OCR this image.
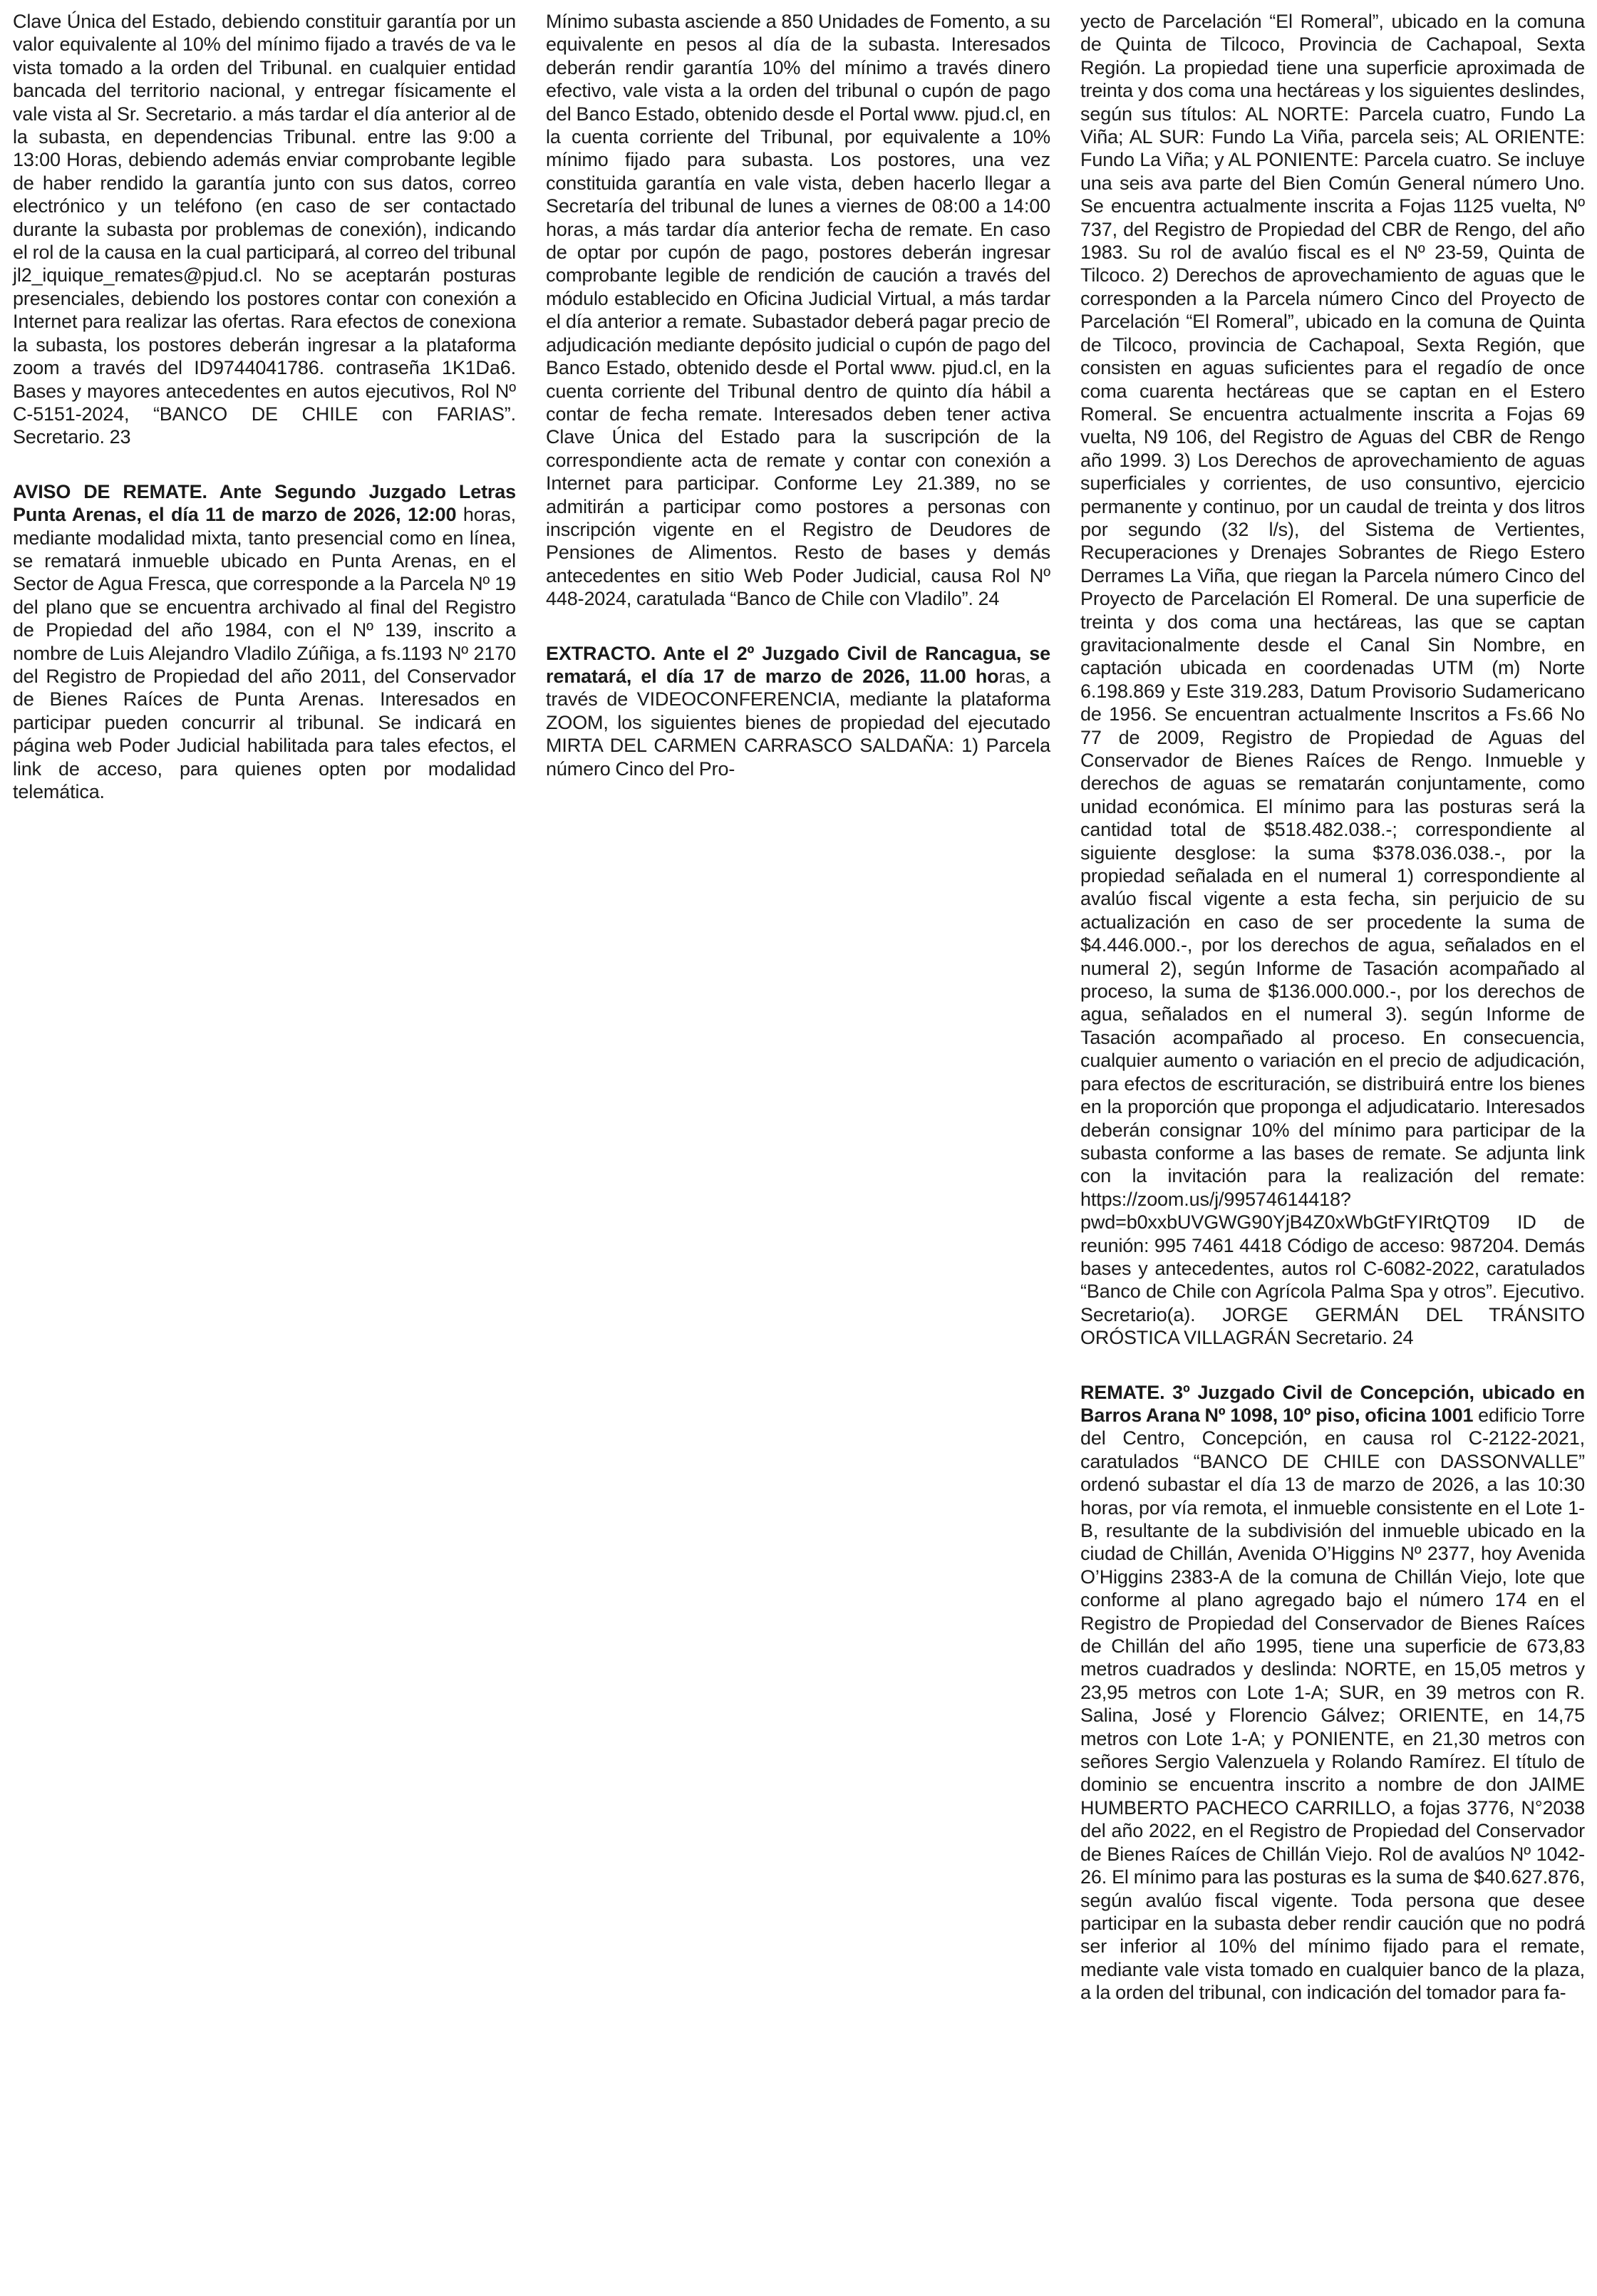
Clave Única del Estado, debiendo constituir garantía por un valor equivalente al 10% del mínimo fijado a través de va le vista tomado a la orden del Tribunal. en cualquier entidad bancada del territorio nacional, y entregar físicamente el vale vista al Sr. Secretario. a más tardar el día anterior al de la subasta, en dependencias Tribunal. entre las 9:00 a 13:00 Horas, debiendo además enviar comprobante legible de haber rendido la garantía junto con sus datos, correo electrónico y un teléfono (en caso de ser contactado durante la subasta por problemas de conexión), indicando el rol de la causa en la cual participará, al correo del tribunal jl2_iquique_remates@pjud.cl. No se aceptarán posturas presenciales, debiendo los postores contar con conexión a Internet para realizar las ofertas. Rara efectos de conexiona la subasta, los postores deberán ingresar a la plataforma zoom a través del ID9744041786. contraseña 1K1Da6. Bases y mayores antecedentes en autos ejecutivos, Rol Nº C-5151-2024, “BANCO DE CHILE con FARIAS”. Secretario. 23

AVISO DE REMATE. Ante Segundo Juzgado Letras Punta Arenas, el día 11 de marzo de 2026, 12:00 horas, mediante modalidad mixta, tanto presencial como en línea, se rematará inmueble ubicado en Punta Arenas, en el Sector de Agua Fresca, que corresponde a la Parcela Nº 19 del plano que se encuentra archivado al final del Registro de Propiedad del año 1984, con el Nº 139, inscrito a nombre de Luis Alejandro Vladilo Zúñiga, a fs.1193 Nº 2170 del Registro de Propiedad del año 2011, del Conservador de Bienes Raíces de Punta Arenas. Interesados en participar pueden concurrir al tribunal. Se indicará en página web Poder Judicial habilitada para tales efectos, el link de acceso, para quienes opten por modalidad telemática.

Mínimo subasta asciende a 850 Unidades de Fomento, a su equivalente en pesos al día de la subasta. Interesados deberán rendir garantía 10% del mínimo a través dinero efectivo, vale vista a la orden del tribunal o cupón de pago del Banco Estado, obtenido desde el Portal www. pjud.cl, en la cuenta corriente del Tribunal, por equivalente a 10% mínimo fijado para subasta. Los postores, una vez constituida garantía en vale vista, deben hacerlo llegar a Secretaría del tribunal de lunes a viernes de 08:00 a 14:00 horas, a más tardar día anterior fecha de remate. En caso de optar por cupón de pago, postores deberán ingresar comprobante legible de rendición de caución a través del módulo establecido en Oficina Judicial Virtual, a más tardar el día anterior a remate. Subastador deberá pagar precio de adjudicación mediante depósito judicial o cupón de pago del Banco Estado, obtenido desde el Portal www. pjud.cl, en la cuenta corriente del Tribunal dentro de quinto día hábil a contar de fecha remate. Interesados deben tener activa Clave Única del Estado para la suscripción de la correspondiente acta de remate y contar con conexión a Internet para participar. Conforme Ley 21.389, no se admitirán a participar como postores a personas con inscripción vigente en el Registro de Deudores de Pensiones de Alimentos. Resto de bases y demás antecedentes en sitio Web Poder Judicial, causa Rol Nº 448-2024, caratulada “Banco de Chile con Vladilo”. 24

EXTRACTO. Ante el 2º Juzgado Civil de Rancagua, se rematará, el día 17 de marzo de 2026, 11.00 horas, a través de VIDEOCONFERENCIA, mediante la plataforma ZOOM, los siguientes bienes de propiedad del ejecutado MIRTA DEL CARMEN CARRASCO SALDAÑA: 1) Parcela número Cinco del Pro-

yecto de Parcelación “El Romeral”, ubicado en la comuna de Quinta de Tilcoco, Provincia de Cachapoal, Sexta Región. La propiedad tiene una superficie aproximada de treinta y dos coma una hectáreas y los siguientes deslindes, según sus títulos: AL NORTE: Parcela cuatro, Fundo La Viña; AL SUR: Fundo La Viña, parcela seis; AL ORIENTE: Fundo La Viña; y AL PONIENTE: Parcela cuatro. Se incluye una seis ava parte del Bien Común General número Uno. Se encuentra actualmente inscrita a Fojas 1125 vuelta, Nº 737, del Registro de Propiedad del CBR de Rengo, del año 1983. Su rol de avalúo fiscal es el Nº 23-59, Quinta de Tilcoco. 2) Derechos de aprovechamiento de aguas que le corresponden a la Parcela número Cinco del Proyecto de Parcelación “El Romeral”, ubicado en la comuna de Quinta de Tilcoco, provincia de Cachapoal, Sexta Región, que consisten en aguas suficientes para el regadío de once coma cuarenta hectáreas que se captan en el Estero Romeral. Se encuentra actualmente inscrita a Fojas 69 vuelta, N9 106, del Registro de Aguas del CBR de Rengo año 1999. 3) Los Derechos de aprovechamiento de aguas superficiales y corrientes, de uso consuntivo, ejercicio permanente y continuo, por un caudal de treinta y dos litros por segundo (32 l/s), del Sistema de Vertientes, Recuperaciones y Drenajes Sobrantes de Riego Estero Derrames La Viña, que riegan la Parcela número Cinco del Proyecto de Parcelación El Romeral. De una superficie de treinta y dos coma una hectáreas, las que se captan gravitacionalmente desde el Canal Sin Nombre, en captación ubicada en coordenadas UTM (m) Norte 6.198.869 y Este 319.283, Datum Provisorio Sudamericano de 1956. Se encuentran actualmente Inscritos a Fs.66 No 77 de 2009, Registro de Propiedad de Aguas del Conservador de Bienes Raíces de Rengo. Inmueble y derechos de aguas se rematarán conjuntamente, como unidad económica. El mínimo para las posturas será la cantidad total de $518.482.038.-; correspondiente al siguiente desglose: la suma $378.036.038.-, por la propiedad señalada en el numeral 1) correspondiente al avalúo fiscal vigente a esta fecha, sin perjuicio de su actualización en caso de ser procedente la suma de $4.446.000.-, por los derechos de agua, señalados en el numeral 2), según Informe de Tasación acompañado al proceso, la suma de $136.000.000.-, por los derechos de agua, señalados en el numeral 3). según Informe de Tasación acompañado al proceso. En consecuencia, cualquier aumento o variación en el precio de adjudicación, para efectos de escrituración, se distribuirá entre los bienes en la proporción que proponga el adjudicatario. Interesados deberán consignar 10% del mínimo para participar de la subasta conforme a las bases de remate. Se adjunta link con la invitación para la realización del remate: https://zoom.us/j/99574614418?pwd=b0xxbUVGWG90YjB4Z0xWbGtFYIRtQT09 ID de reunión: 995 7461 4418 Código de acceso: 987204. Demás bases y antecedentes, autos rol C-6082-2022, caratulados “Banco de Chile con Agrícola Palma Spa y otros”. Ejecutivo. Secretario(a). JORGE GERMÁN DEL TRÁNSITO ORÓSTICA VILLAGRÁN Secretario. 24

REMATE. 3º Juzgado Civil de Concepción, ubicado en Barros Arana Nº 1098, 10º piso, oficina 1001 edificio Torre del Centro, Concepción, en causa rol C-2122-2021, caratulados “BANCO DE CHILE con DASSONVALLE” ordenó subastar el día 13 de marzo de 2026, a las 10:30 horas, por vía remota, el inmueble consistente en el Lote 1-B, resultante de la subdivisión del inmueble ubicado en la ciudad de Chillán, Avenida O’Higgins Nº 2377, hoy Avenida O’Higgins 2383-A de la comuna de Chillán Viejo, lote que conforme al plano agregado bajo el número 174 en el Registro de Propiedad del Conservador de Bienes Raíces de Chillán del año 1995, tiene una superficie de 673,83 metros cuadrados y deslinda: NORTE, en 15,05 metros y 23,95 metros con Lote 1-A; SUR, en 39 metros con R. Salina, José y Florencio Gálvez; ORIENTE, en 14,75 metros con Lote 1-A; y PONIENTE, en 21,30 metros con señores Sergio Valenzuela y Rolando Ramírez. El título de dominio se encuentra inscrito a nombre de don JAIME HUMBERTO PACHECO CARRILLO, a fojas 3776, N°2038 del año 2022, en el Registro de Propiedad del Conservador de Bienes Raíces de Chillán Viejo. Rol de avalúos Nº 1042-26. El mínimo para las posturas es la suma de $40.627.876, según avalúo fiscal vigente. Toda persona que desee participar en la subasta deber rendir caución que no podrá ser inferior al 10% del mínimo fijado para el remate, mediante vale vista tomado en cualquier banco de la plaza, a la orden del tribunal, con indicación del tomador para fa-
